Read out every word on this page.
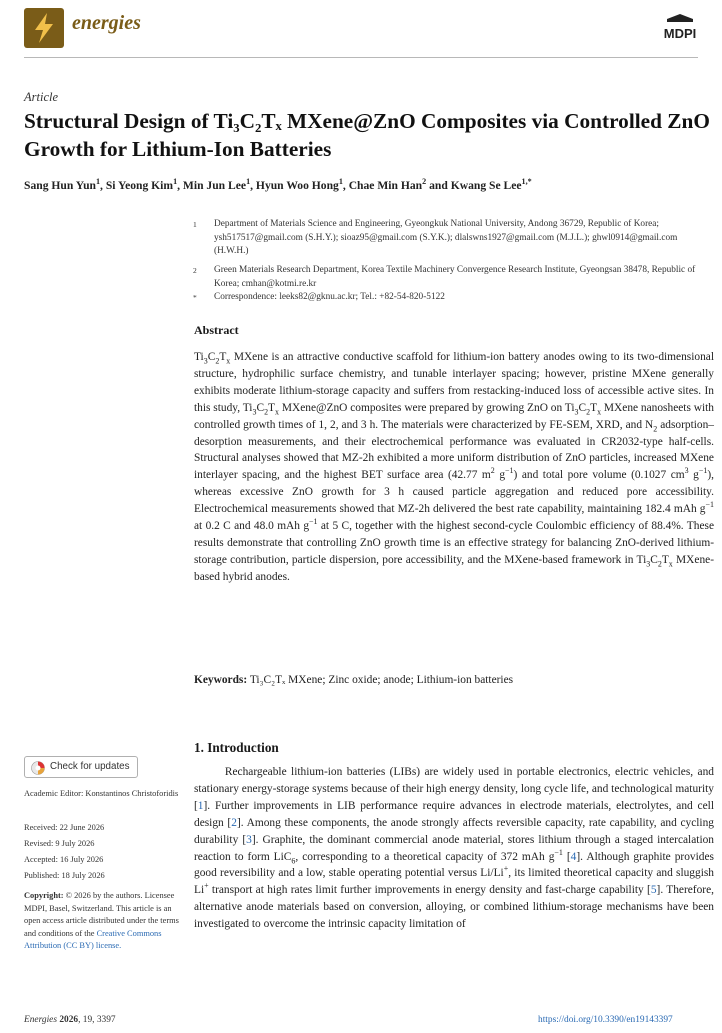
energies	MDPI
Article
Structural Design of Ti₃C₂Tₓ MXene@ZnO Composites via Controlled ZnO Growth for Lithium-Ion Batteries
Sang Hun Yun$^1$, Si Yeong Kim$^1$, Min Jun Lee$^1$, Hyun Woo Hong$^1$, Chae Min Han$^2$ and Kwang Se Lee$^{1,*}$
1	Department of Materials Science and Engineering, Gyeongkuk National University, Andong 36729, Republic of Korea; ysh517517@gmail.com (S.H.Y.); sioaz95@gmail.com (S.Y.K.); dlalswns1927@gmail.com (M.J.L.); ghwl0914@gmail.com (H.W.H.)
2	Green Materials Research Department, Korea Textile Machinery Convergence Research Institute, Gyeongsan 38478, Republic of Korea; cmhan@kotmi.re.kr
*	Correspondence: leeks82@gknu.ac.kr; Tel.: +82-54-820-5122
Abstract
$Ti_3C_2T_x$ MXene is an attractive conductive scaffold for lithium-ion battery anodes owing to its two-dimensional structure, hydrophilic surface chemistry, and tunable interlayer spacing; however, pristine MXene generally exhibits moderate lithium-storage capacity and suffers from restacking-induced loss of accessible active sites. In this study, $Ti_3C_2T_x$ MXene@ZnO composites were prepared by growing ZnO on $Ti_3C_2T_x$ MXene nanosheets with controlled growth times of 1, 2, and 3 h. The materials were characterized by FE-SEM, XRD, and $N_2$ adsorption–desorption measurements, and their electrochemical performance was evaluated in CR2032-type half-cells. Structural analyses showed that MZ-2h exhibited a more uniform distribution of ZnO particles, increased MXene interlayer spacing, and the highest BET surface area (42.77 $m^2$ $g^{-1}$) and total pore volume (0.1027 $cm^3$ $g^{-1}$), whereas excessive ZnO growth for 3 h caused particle aggregation and reduced pore accessibility. Electrochemical measurements showed that MZ-2h delivered the best rate capability, maintaining 182.4 mAh $g^{-1}$ at 0.2 C and 48.0 mAh $g^{-1}$ at 5 C, together with the highest second-cycle Coulombic efficiency of 88.4%. These results demonstrate that controlling ZnO growth time is an effective strategy for balancing ZnO-derived lithium-storage contribution, particle dispersion, pore accessibility, and the MXene-based framework in $Ti_3C_2T_x$ MXene-based hybrid anodes.
Keywords: Ti₃C₂Tₓ MXene; Zinc oxide; anode; Lithium-ion batteries
1. Introduction
Rechargeable lithium-ion batteries (LIBs) are widely used in portable electronics, electric vehicles, and stationary energy-storage systems because of their high energy density, long cycle life, and technological maturity [1]. Further improvements in LIB performance require advances in electrode materials, electrolytes, and cell design [2]. Among these components, the anode strongly affects reversible capacity, rate capability, and cycling durability [3]. Graphite, the dominant commercial anode material, stores lithium through a staged intercalation reaction to form LiC$_6$, corresponding to a theoretical capacity of 372 mAh $g^{-1}$ [4]. Although graphite provides good reversibility and a low, stable operating potential versus Li/Li+, its limited theoretical capacity and sluggish Li+ transport at high rates limit further improvements in energy density and fast-charge capability [5]. Therefore, alternative anode materials based on conversion, alloying, or combined lithium-storage mechanisms have been investigated to overcome the intrinsic capacity limitation of
Check for updates
Academic Editor: Konstantinos Christoforidis
Received: 22 June 2026
Revised: 9 July 2026
Accepted: 16 July 2026
Published: 18 July 2026
Copyright: © 2026 by the authors. Licensee MDPI, Basel, Switzerland. This article is an open access article distributed under the terms and conditions of the Creative Commons Attribution (CC BY) license.
Energies 2026, 19, 3397	https://doi.org/10.3390/en19143397
